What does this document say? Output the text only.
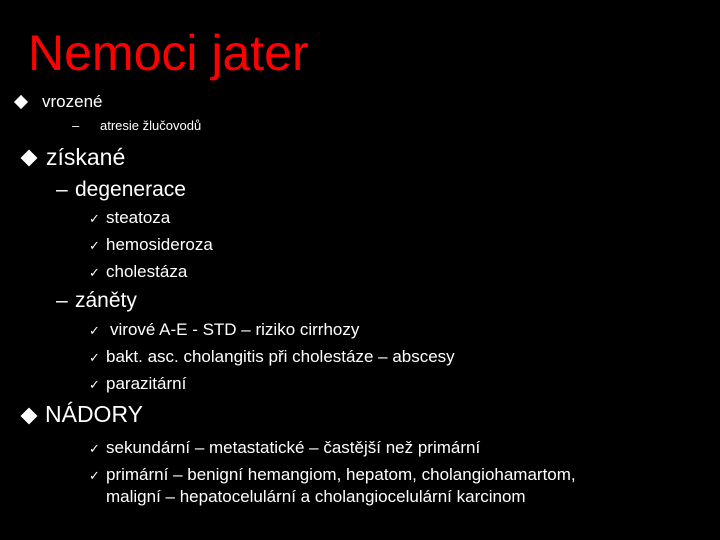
Nemoci jater
vrozené
– atresie žlučovodů
získané
– degenerace
✓ steatoza
✓ hemosideroza
✓ cholestáza
– záněty
✓ virové A-E - STD – riziko cirrhozy
✓ bakt. asc. cholangitis při cholestáze – abscesy
✓ parazitární
NÁDORY
✓ sekundární – metastatické – častější než primární
✓ primární – benigní hemangiom, hepatom, cholangiohamartom,
maligní – hepatocelulární a cholangiocelulární karcinom
